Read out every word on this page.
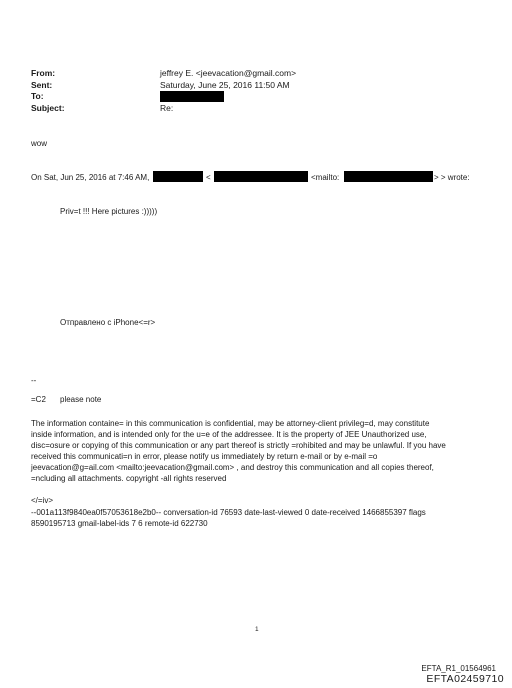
From:	jeffrey E. <jeevacation@gmail.com>
Sent:	Saturday, June 25, 2016 11:50 AM
To:
Subject:	Re:
wow
On Sat, Jun 25, 2016 at 7:46 AM,	<	<mailto:	> > wrote:
Priv=t !!! Here pictures :)))))
Отправлено с iPhone<=r>
--
=C2 please note
The information containe= in this communication is confidential, may be attorney-client privileg=d, may constitute
inside information, and is intended only for the u=e of the addressee. It is the property of JEE Unauthorized use,
disc=osure or copying of this communication or any part thereof is strictly =rohibited and may be unlawful. If you have
received this communicati=n in error, please notify us immediately by return e-mail or by e-mail =o
jeevacation@g=ail.com <mailto:jeevacation@gmail.com> , and destroy this communication and all copies thereof,
=ncluding all attachments. copyright -all rights reserved
</=iv>
--001a113f9840ea0f57053618e2b0-- conversation-id 76593 date-last-viewed 0 date-received 1466855397 flags
8590195713 gmail-label-ids 7 6 remote-id 622730
1
EFTA_R1_01564961
EFTA02459710
